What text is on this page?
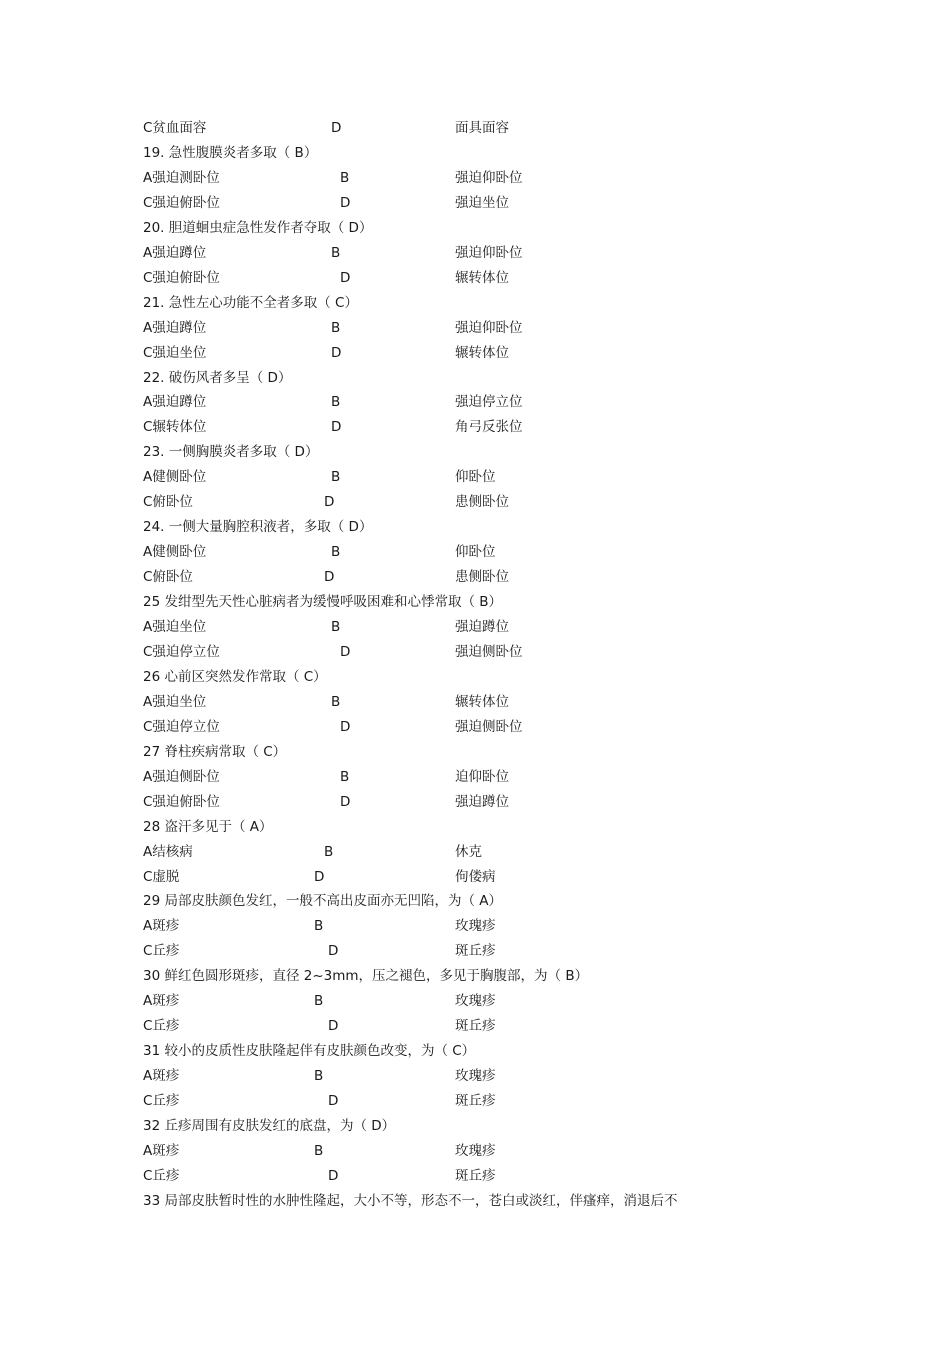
C贫血面容	D	面具面容
19. 急性腹膜炎者多取（ B）
A强迫测卧位	B	强迫仰卧位
C强迫俯卧位	D	强迫坐位
20. 胆道蛔虫症急性发作者夺取（ D）
A强迫蹲位	B	强迫仰卧位
C强迫俯卧位	D	辗转体位
21. 急性左心功能不全者多取（ C）
A强迫蹲位	B	强迫仰卧位
C强迫坐位	D	辗转体位
22. 破伤风者多呈（ D）
A强迫蹲位	B	强迫停立位
C辗转体位	D	角弓反张位
23. 一侧胸膜炎者多取（ D）
A健侧卧位	B	仰卧位
C俯卧位	D	患侧卧位
24. 一侧大量胸腔积液者，多取（ D）
A健侧卧位	B	仰卧位
C俯卧位	D	患侧卧位
25 发绀型先天性心脏病者为缓慢呼吸困难和心悸常取（ B）
A强迫坐位	B	强迫蹲位
C强迫停立位	D	强迫侧卧位
26 心前区突然发作常取（ C）
A强迫坐位	B	辗转体位
C强迫停立位	D	强迫侧卧位
27 脊柱疾病常取（ C）
A强迫侧卧位	B	迫仰卧位
C强迫俯卧位	D	强迫蹲位
28 盗汗多见于（ A）
A结核病	B	休克
C虚脱	D	佝偻病
29 局部皮肤颜色发红，一般不高出皮面亦无凹陷，为（ A）
A斑疹	B	玫瑰疹
C丘疹	D	斑丘疹
30 鲜红色圆形斑疹，直径 2~3mm，压之褪色，多见于胸腹部，为（ B）
A斑疹	B	玫瑰疹
C丘疹	D	斑丘疹
31 较小的皮质性皮肤隆起伴有皮肤颜色改变，为（ C）
A斑疹	B	玫瑰疹
C丘疹	D	斑丘疹
32 丘疹周围有皮肤发红的底盘，为（ D）
A斑疹	B	玫瑰疹
C丘疹	D	斑丘疹
33 局部皮肤暂时性的水肿性隆起，大小不等，形态不一，苍白或淡红，伴瘙痒，消退后不
